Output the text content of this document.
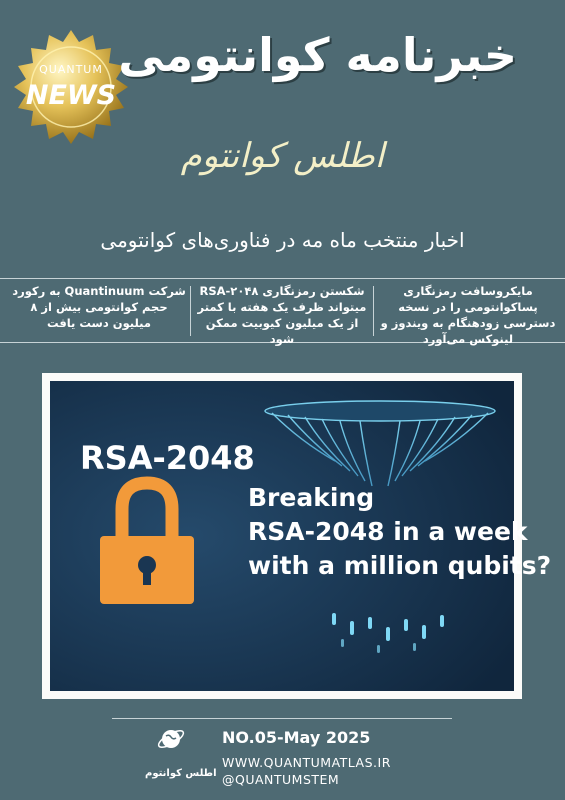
QUANTUM
NEWS
خبرنامه کوانتومی
اطلس کوانتوم
اخبار منتخب ماه مه در فناوری‌های کوانتومی
مایکروسافت رمزنگاری پساکوانتومی را در نسخه دسترسی زودهنگام به ویندوز و لینوکس می‌آورد
شکستن رمزنگاری RSA-۲۰۴۸ میتواند ظرف یک هفته با کمتر از یک میلیون کیوبیت ممکن شود
شرکت Quantinuum به رکورد حجم کوانتومی بیش از ۸ میلیون دست یافت
RSA-2048
Breaking
RSA-2048 in a week
with a million qubits?
اطلس کوانتوم
NO.05-May 2025
WWW.QUANTUMATLAS.IR
@QUANTUMSTEM
